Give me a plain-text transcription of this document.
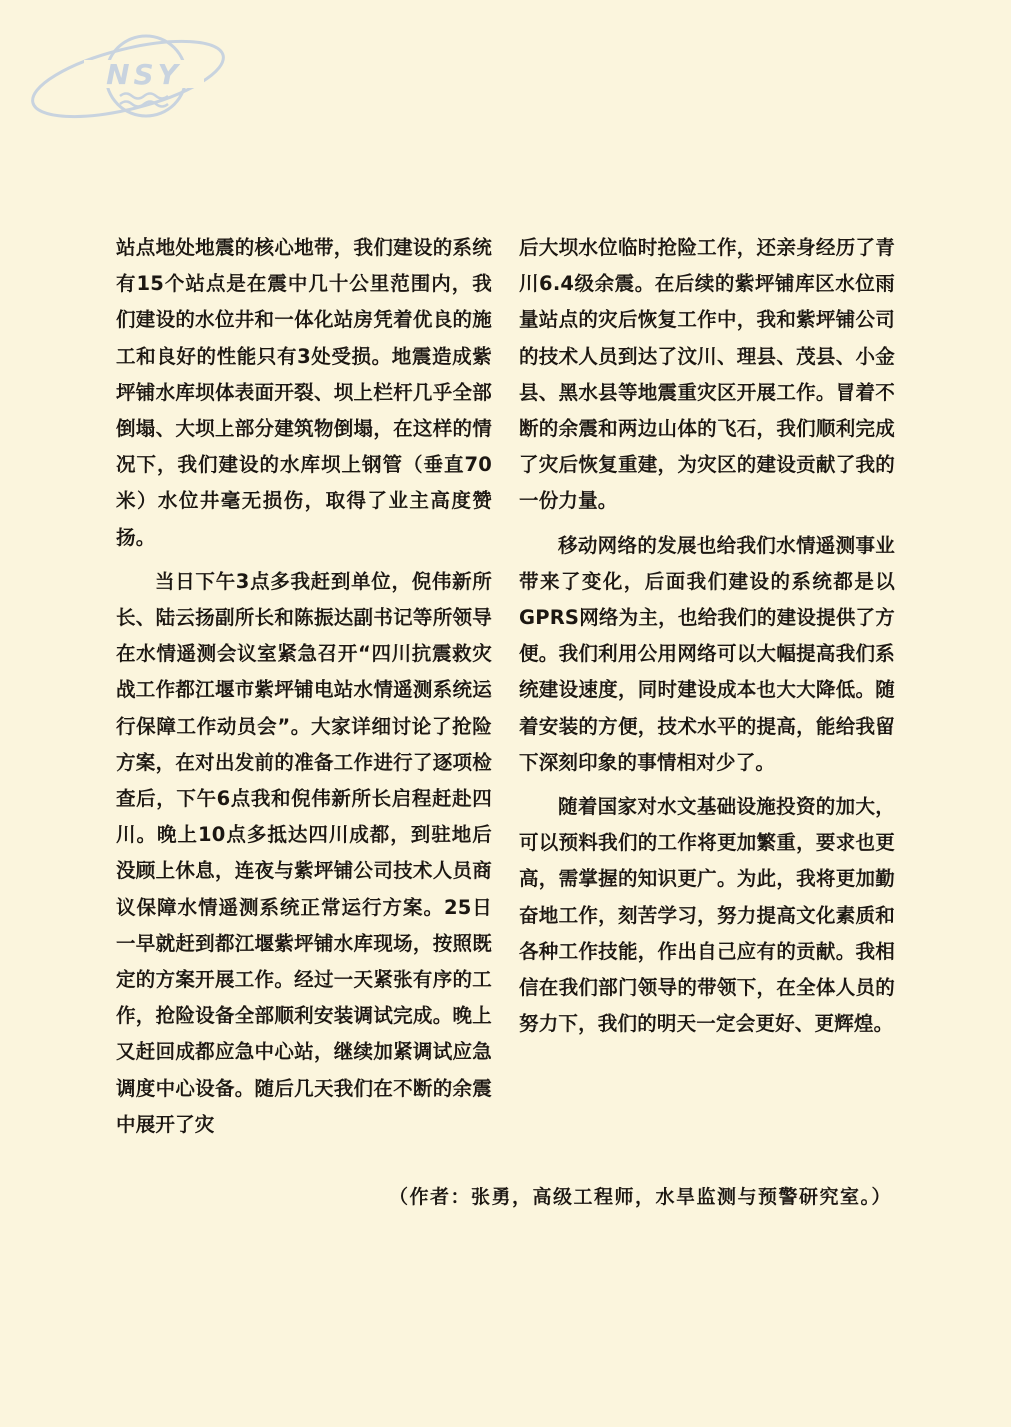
NSY

站点地处地震的核心地带，我们建设的系统有15个站点是在震中几十公里范围内，我们建设的水位井和一体化站房凭着优良的施工和良好的性能只有3处受损。地震造成紫坪铺水库坝体表面开裂、坝上栏杆几乎全部倒塌、大坝上部分建筑物倒塌，在这样的情况下，我们建设的水库坝上钢管（垂直70米）水位井毫无损伤，取得了业主高度赞扬。

当日下午3点多我赶到单位，倪伟新所长、陆云扬副所长和陈振达副书记等所领导在水情遥测会议室紧急召开“四川抗震救灾战工作都江堰市紫坪铺电站水情遥测系统运行保障工作动员会”。大家详细讨论了抢险方案，在对出发前的准备工作进行了逐项检查后，下午6点我和倪伟新所长启程赶赴四川。晚上10点多抵达四川成都，到驻地后没顾上休息，连夜与紫坪铺公司技术人员商议保障水情遥测系统正常运行方案。25日一早就赶到都江堰紫坪铺水库现场，按照既定的方案开展工作。经过一天紧张有序的工作，抢险设备全部顺利安装调试完成。晚上又赶回成都应急中心站，继续加紧调试应急调度中心设备。随后几天我们在不断的余震中展开了灾

后大坝水位临时抢险工作，还亲身经历了青川6.4级余震。在后续的紫坪铺库区水位雨量站点的灾后恢复工作中，我和紫坪铺公司的技术人员到达了汶川、理县、茂县、小金县、黑水县等地震重灾区开展工作。冒着不断的余震和两边山体的飞石，我们顺利完成了灾后恢复重建，为灾区的建设贡献了我的一份力量。

移动网络的发展也给我们水情遥测事业带来了变化，后面我们建设的系统都是以GPRS网络为主，也给我们的建设提供了方便。我们利用公用网络可以大幅提高我们系统建设速度，同时建设成本也大大降低。随着安装的方便，技术水平的提高，能给我留下深刻印象的事情相对少了。

随着国家对水文基础设施投资的加大，可以预料我们的工作将更加繁重，要求也更高，需掌握的知识更广。为此，我将更加勤奋地工作，刻苦学习，努力提高文化素质和各种工作技能，作出自己应有的贡献。我相信在我们部门领导的带领下，在全体人员的努力下，我们的明天一定会更好、更辉煌。

（作者：张勇，高级工程师，水旱监测与预警研究室。）
